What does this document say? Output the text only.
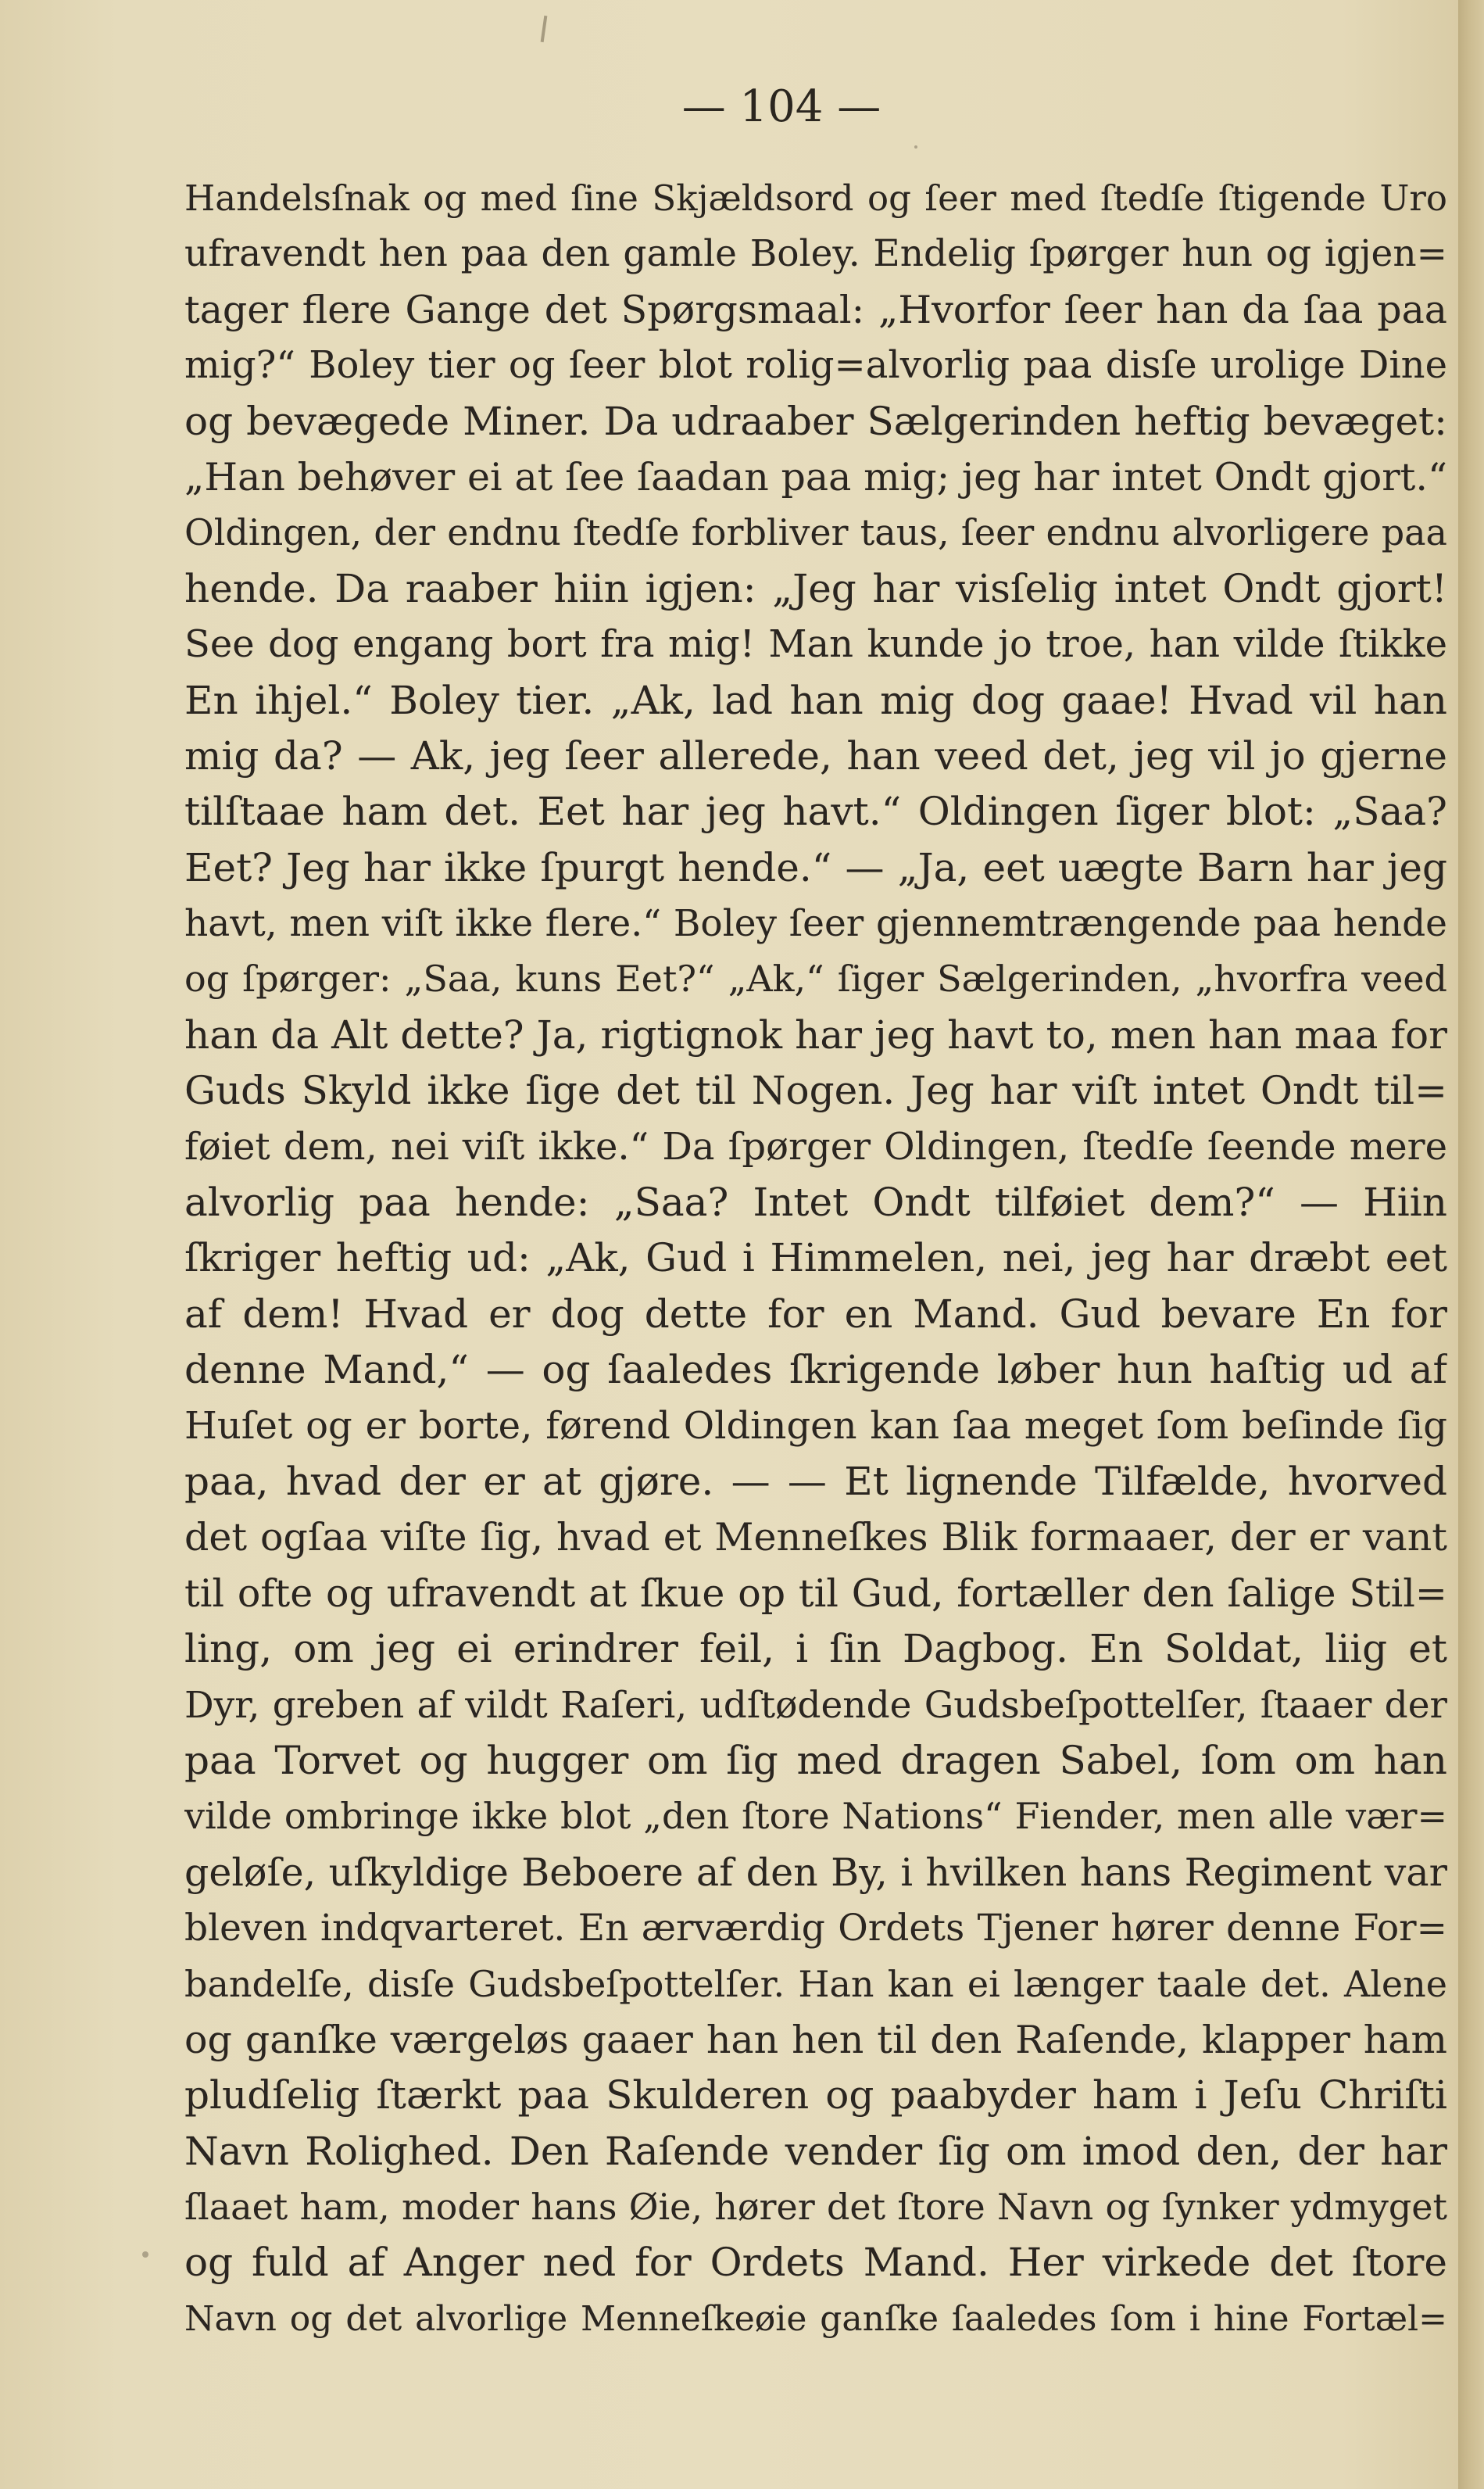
— 104 —
Handelsſnak og med ſine Skjældsord og ſeer med ſtedſe ſtigende Uro
ufravendt hen paa den gamle Boley. Endelig ſpørger hun og igjen=
tager flere Gange det Spørgsmaal: „Hvorfor ſeer han da ſaa paa
mig?“ Boley tier og ſeer blot rolig=alvorlig paa disſe urolige Dine
og bevægede Miner. Da udraaber Sælgerinden heftig bevæget:
„Han behøver ei at ſee ſaadan paa mig; jeg har intet Ondt gjort.“
Oldingen, der endnu ſtedſe forbliver taus, ſeer endnu alvorligere paa
hende. Da raaber hiin igjen: „Jeg har visſelig intet Ondt gjort!
See dog engang bort fra mig! Man kunde jo troe, han vilde ſtikke
En ihjel.“ Boley tier. „Ak, lad han mig dog gaae! Hvad vil han
mig da? — Ak, jeg ſeer allerede, han veed det, jeg vil jo gjerne
tilſtaae ham det. Eet har jeg havt.“ Oldingen ſiger blot: „Saa?
Eet? Jeg har ikke ſpurgt hende.“ — „Ja, eet uægte Barn har jeg
havt, men viſt ikke flere.“ Boley ſeer gjennemtrængende paa hende
og ſpørger: „Saa, kuns Eet?“ „Ak,“ ſiger Sælgerinden, „hvorfra veed
han da Alt dette? Ja, rigtignok har jeg havt to, men han maa for
Guds Skyld ikke ſige det til Nogen. Jeg har viſt intet Ondt til=
føiet dem, nei viſt ikke.“ Da ſpørger Oldingen, ſtedſe ſeende mere
alvorlig paa hende: „Saa? Intet Ondt tilføiet dem?“ — Hiin
ſkriger heftig ud: „Ak, Gud i Himmelen, nei, jeg har dræbt eet
af dem! Hvad er dog dette for en Mand. Gud bevare En for
denne Mand,“ — og ſaaledes ſkrigende løber hun haſtig ud af
Huſet og er borte, førend Oldingen kan ſaa meget ſom beſinde ſig
paa, hvad der er at gjøre. — — Et lignende Tilfælde, hvorved
det ogſaa viſte ſig, hvad et Menneſkes Blik formaaer, der er vant
til ofte og ufravendt at ſkue op til Gud, fortæller den ſalige Stil=
ling, om jeg ei erindrer feil, i ſin Dagbog. En Soldat, liig et
Dyr, greben af vildt Raſeri, udſtødende Gudsbeſpottelſer, ſtaaer der
paa Torvet og hugger om ſig med dragen Sabel, ſom om han
vilde ombringe ikke blot „den ſtore Nations“ Fiender, men alle vær=
geløſe, uſkyldige Beboere af den By, i hvilken hans Regiment var
bleven indqvarteret. En ærværdig Ordets Tjener hører denne For=
bandelſe, disſe Gudsbeſpottelſer. Han kan ei længer taale det. Alene
og ganſke værgeløs gaaer han hen til den Raſende, klapper ham
pludſelig ſtærkt paa Skulderen og paabyder ham i Jeſu Chriſti
Navn Rolighed. Den Raſende vender ſig om imod den, der har
ſlaaet ham, moder hans Øie, hører det ſtore Navn og ſynker ydmyget
og fuld af Anger ned for Ordets Mand. Her virkede det ſtore
Navn og det alvorlige Menneſkeøie ganſke ſaaledes ſom i hine Fortæl=
